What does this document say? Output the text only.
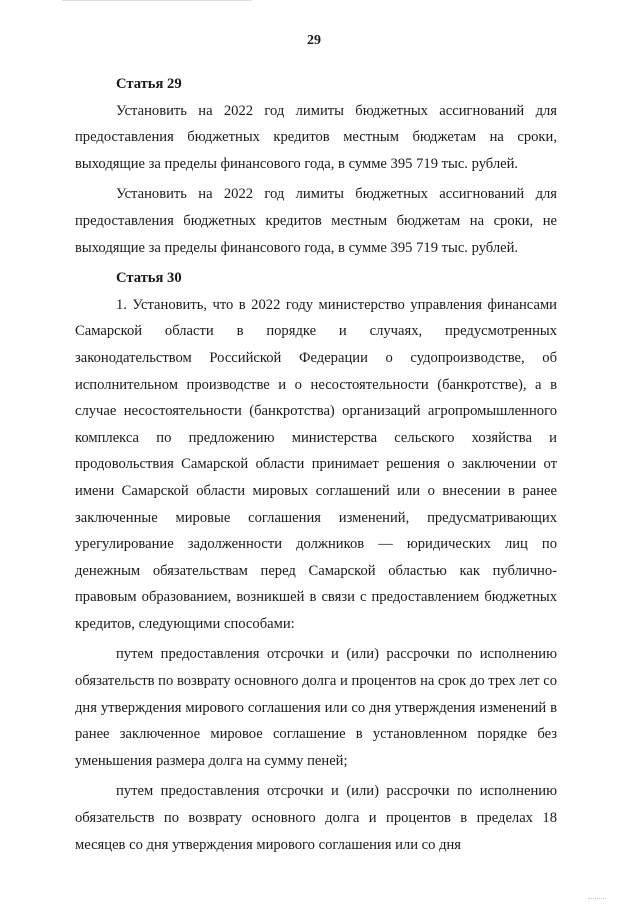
29

Статья 29

Установить на 2022 год лимиты бюджетных ассигнований для предоставления бюджетных кредитов местным бюджетам на сроки, выходящие за пределы финансового года, в сумме 395 719 тыс. рублей.

Установить на 2022 год лимиты бюджетных ассигнований для предоставления бюджетных кредитов местным бюджетам на сроки, не выходящие за пределы финансового года, в сумме 395 719 тыс. рублей.

Статья 30

1. Установить, что в 2022 году министерство управления финансами Самарской области в порядке и случаях, предусмотренных законодательством Российской Федерации о судопроизводстве, об исполнительном производстве и о несостоятельности (банкротстве), а в случае несостоятельности (банкротства) организаций агропромышленного комплекса по предложению министерства сельского хозяйства и продовольствия Самарской области принимает решения о заключении от имени Самарской области мировых соглашений или о внесении в ранее заключенные мировые соглашения изменений, предусматривающих урегулирование задолженности должников — юридических лиц по денежным обязательствам перед Самарской областью как публично-правовым образованием, возникшей в связи с предоставлением бюджетных кредитов, следующими способами:

путем предоставления отсрочки и (или) рассрочки по исполнению обязательств по возврату основного долга и процентов на срок до трех лет со дня утверждения мирового соглашения или со дня утверждения изменений в ранее заключенное мировое соглашение в установленном порядке без уменьшения размера долга на сумму пеней;

путем предоставления отсрочки и (или) рассрочки по исполнению обязательств по возврату основного долга и процентов в пределах 18 месяцев со дня утверждения мирового соглашения или со дня
